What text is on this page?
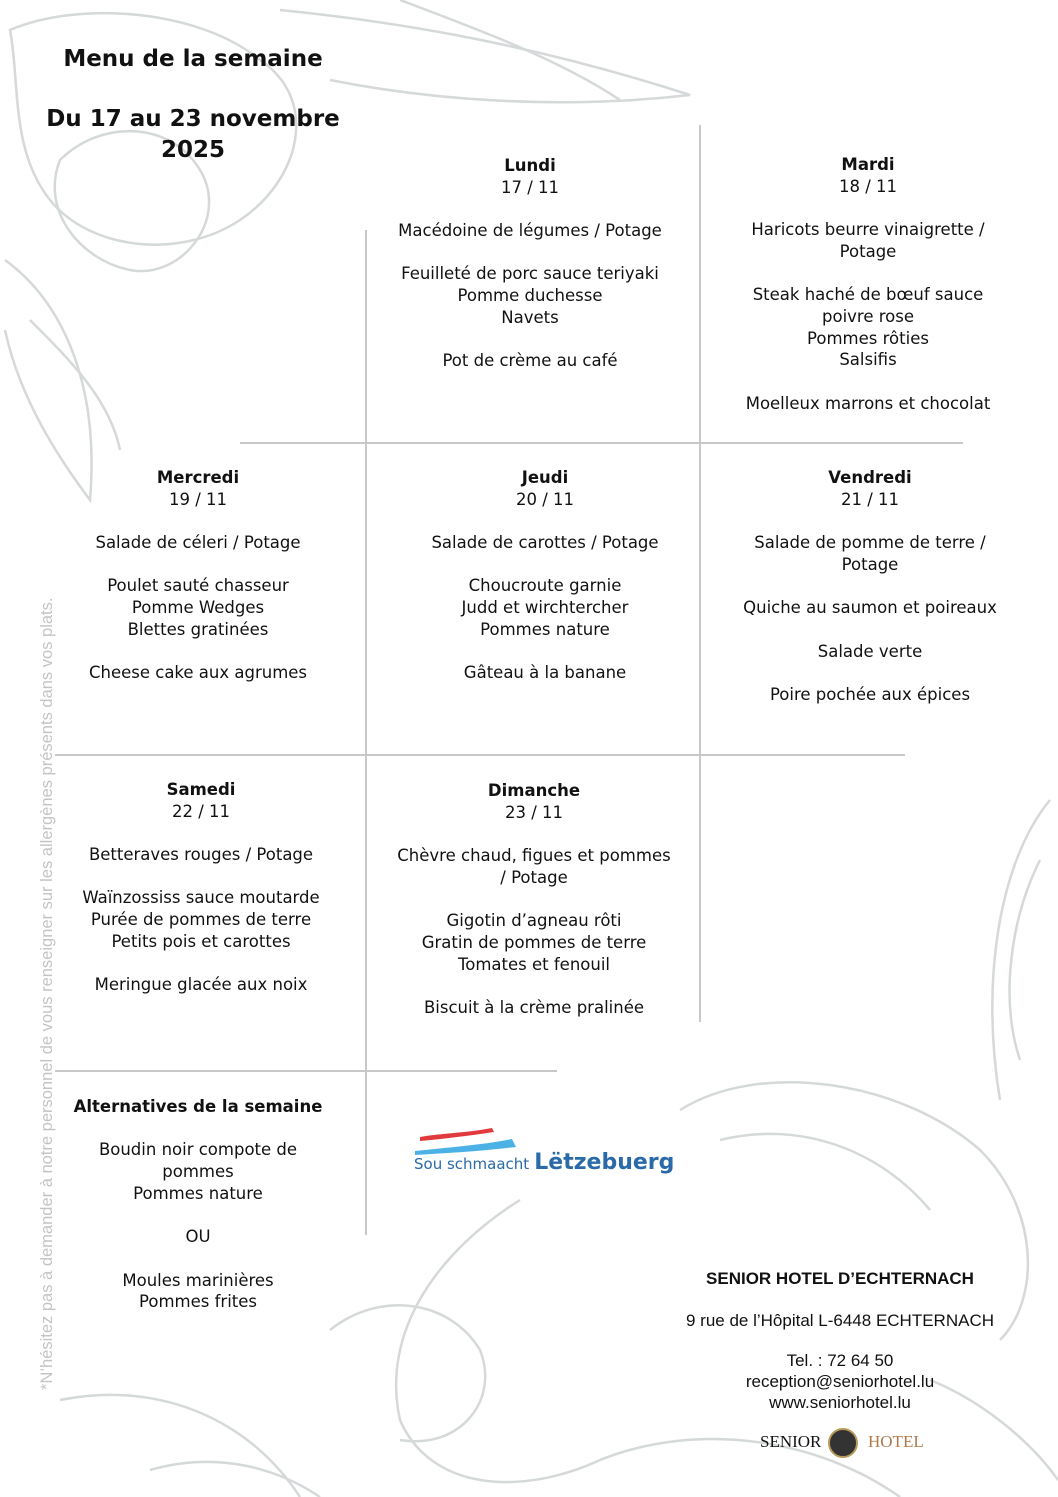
Menu de la semaine
Du 17 au 23 novembre
2025
Lundi
17 / 11
Macédoine de légumes / Potage
Feuilleté de porc sauce teriyaki
Pomme duchesse
Navets
Pot de crème au café
Mardi
18 / 11
Haricots beurre vinaigrette /
Potage
Steak haché de bœuf sauce
poivre rose
Pommes rôties
Salsifis
Moelleux marrons et chocolat
Mercredi
19 / 11
Salade de céleri / Potage
Poulet sauté chasseur
Pomme Wedges
Blettes gratinées
Cheese cake aux agrumes
Jeudi
20 / 11
Salade de carottes / Potage
Choucroute garnie
Judd et wirchtercher
Pommes nature
Gâteau à la banane
Vendredi
21 / 11
Salade de pomme de terre /
Potage
Quiche au saumon et poireaux
Salade verte
Poire pochée aux épices
Samedi
22 / 11
Betteraves rouges / Potage
Waïnzossiss sauce moutarde
Purée de pommes de terre
Petits pois et carottes
Meringue glacée aux noix
Dimanche
23 / 11
Chèvre chaud, figues et pommes
/ Potage
Gigotin d’agneau rôti
Gratin de pommes de terre
Tomates et fenouil
Biscuit à la crème pralinée
Alternatives de la semaine
Boudin noir compote de
pommes
Pommes nature
OU
Moules marinières
Pommes frites
*N’hésitez pas à demander à notre personnel de vous renseigner sur les allergènes présents dans vos plats.	Sou schmaacht Lëtzebuerg
SENIOR HOTEL D’ECHTERNACH
9 rue de l’Hôpital L-6448 ECHTERNACH
Tel. : 72 64 50
reception@seniorhotel.lu
www.seniorhotel.lu
SENIOR	HOTEL
